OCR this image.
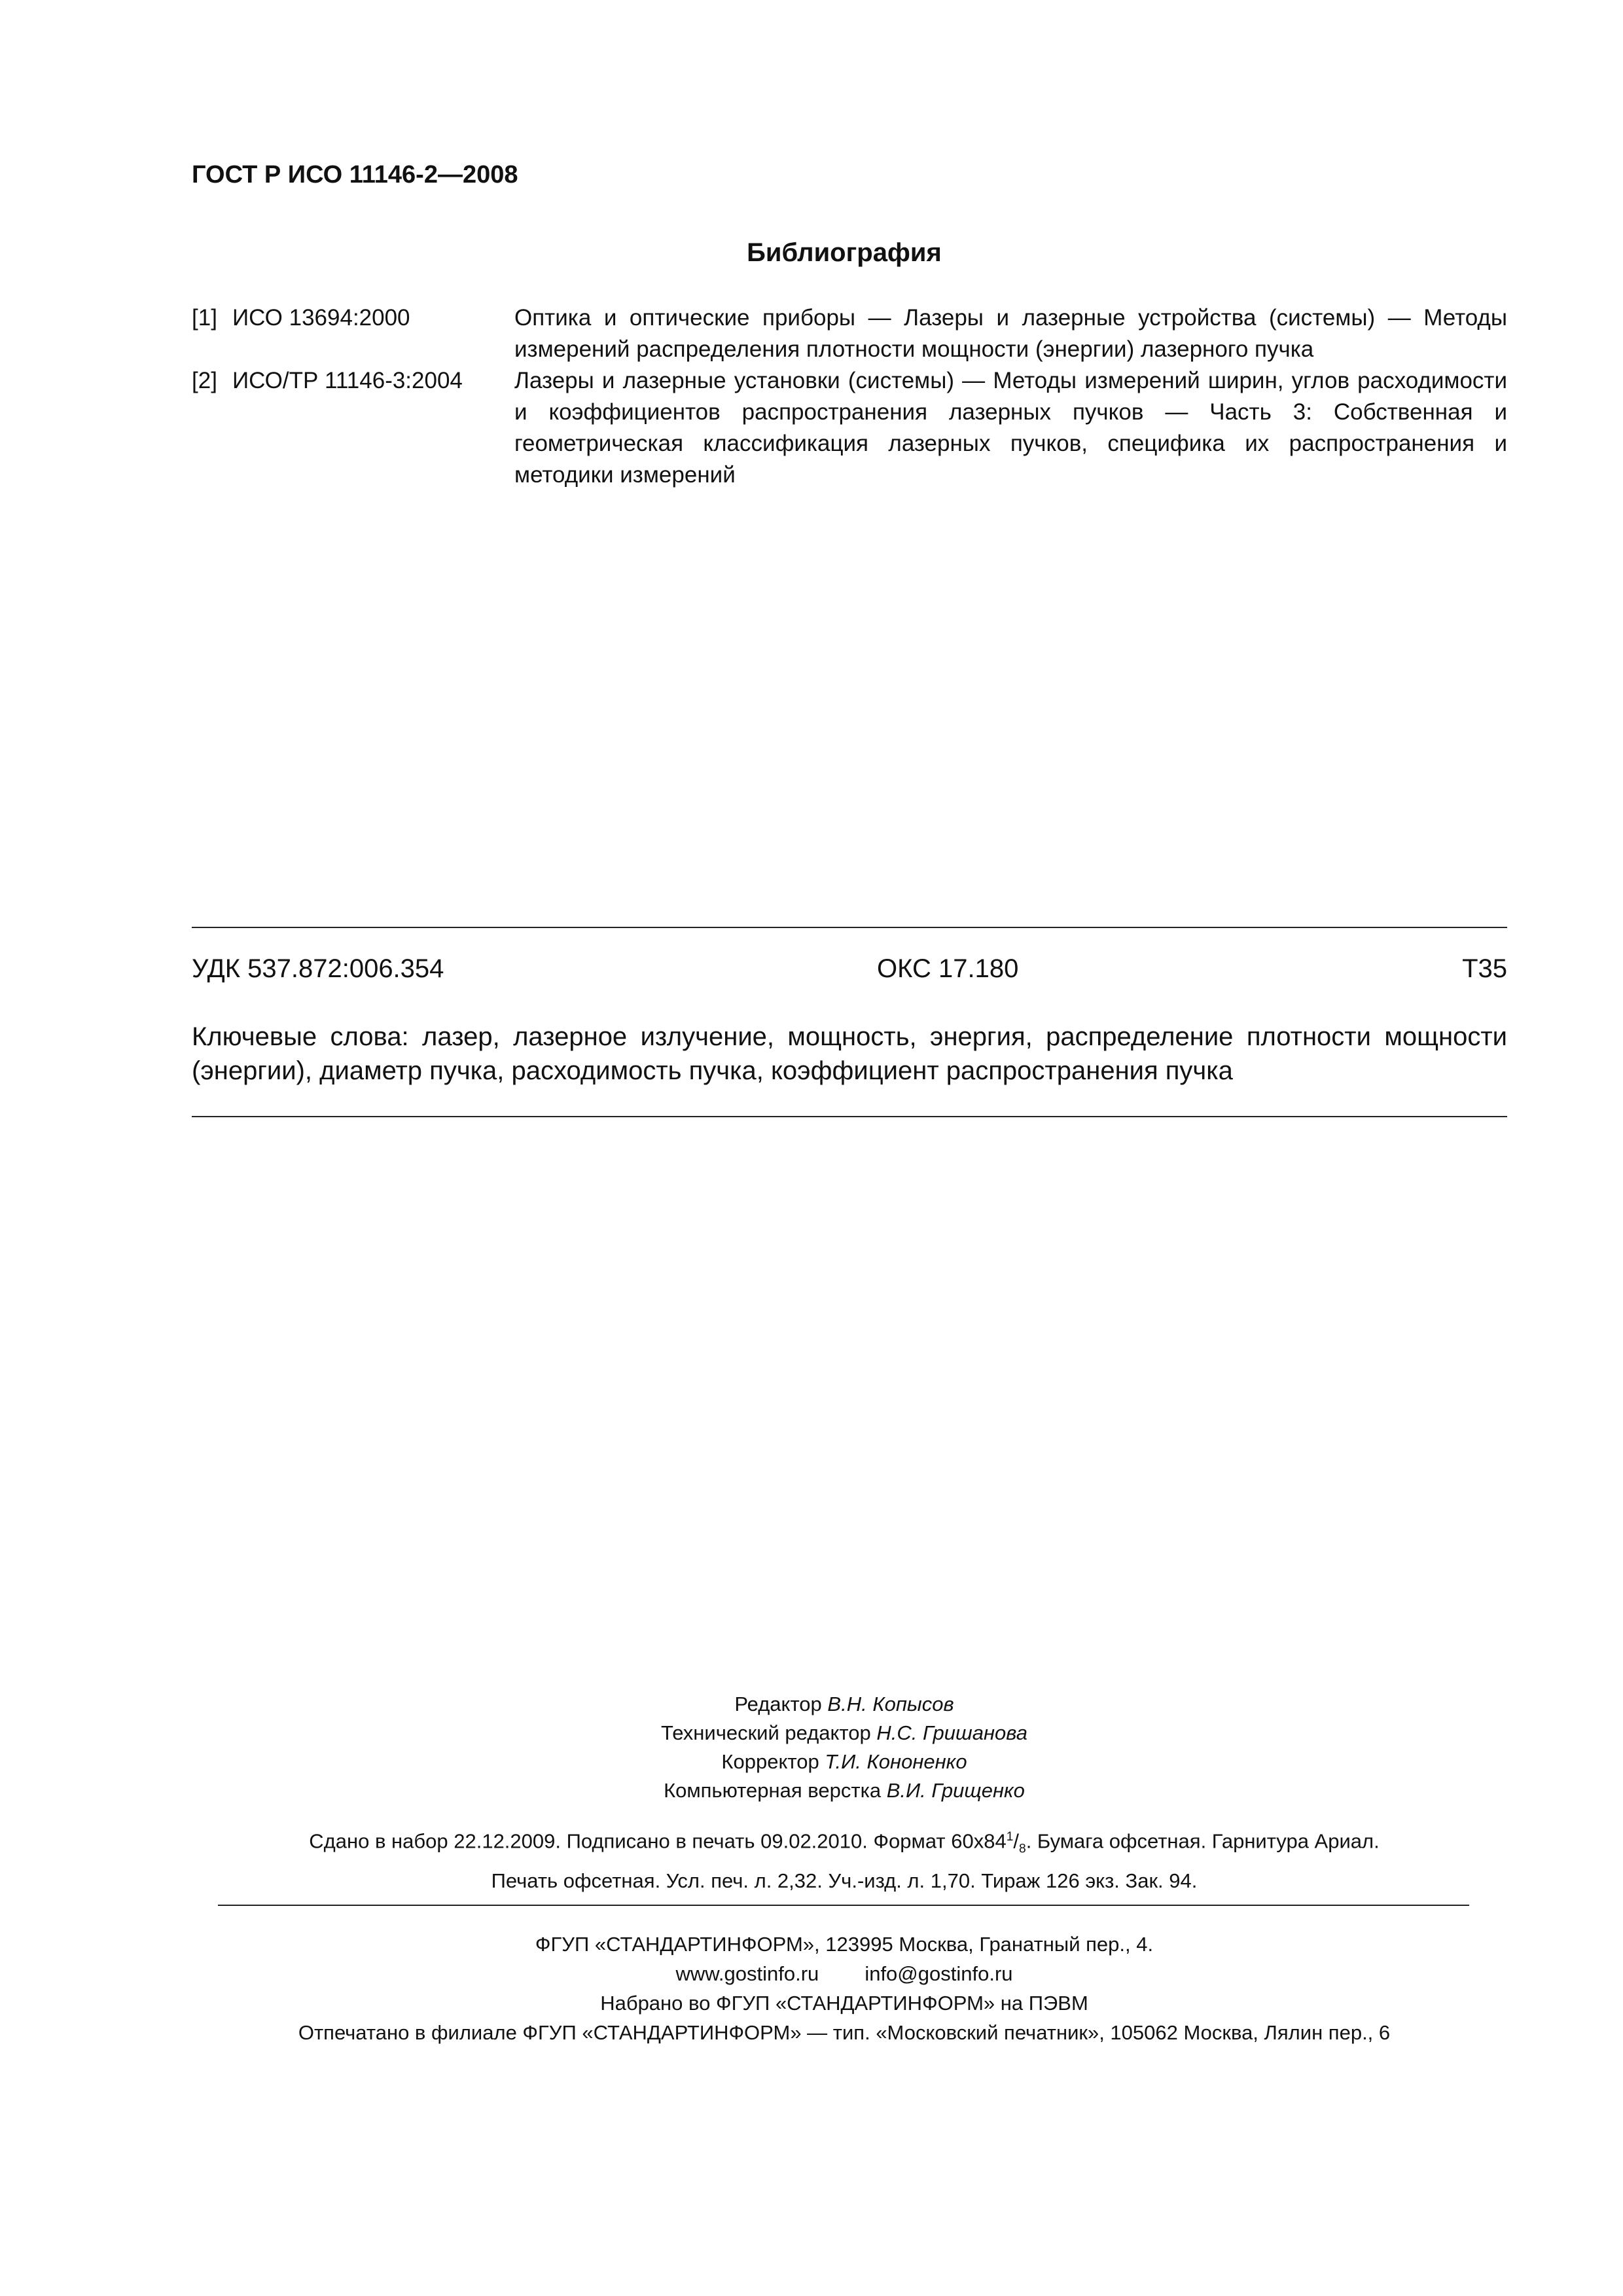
ГОСТ Р ИСО 11146-2—2008
Библиография
[1] ИСО 13694:2000	Оптика и оптические приборы — Лазеры и лазерные устройства (системы) — Методы измерений распределения плотности мощности (энергии) лазерного пучка
[2] ИСО/ТР 11146-3:2004 Лазеры и лазерные установки (системы) — Методы измерений ширин, углов расходимости и коэффициентов распространения лазерных пучков — Часть 3: Собственная и геометрическая классификация лазерных пучков, специфика их распространения и методики измерений
УДК 537.872:006.354	ОКС 17.180	Т35
Ключевые слова: лазер, лазерное излучение, мощность, энергия, распределение плотности мощности (энергии), диаметр пучка, расходимость пучка, коэффициент распространения пучка
Редактор В.Н. Копысов
Технический редактор Н.С. Гришанова
Корректор Т.И. Кононенко
Компьютерная верстка В.И. Грищенко
Сдано в набор 22.12.2009. Подписано в печать 09.02.2010. Формат $60x84^1/_8$. Бумага офсетная. Гарнитура Ариал.
Печать офсетная. Усл. печ. л. 2,32. Уч.-изд. л. 1,70. Тираж 126 экз. Зак. 94.
ФГУП «СТАНДАРТИНФОРМ», 123995 Москва, Гранатный пер., 4.
www.gostinfo.ru info@gostinfo.ru
Набрано во ФГУП «СТАНДАРТИНФОРМ» на ПЭВМ
Отпечатано в филиале ФГУП «СТАНДАРТИНФОРМ» — тип. «Московский печатник», 105062 Москва, Лялин пер., 6
